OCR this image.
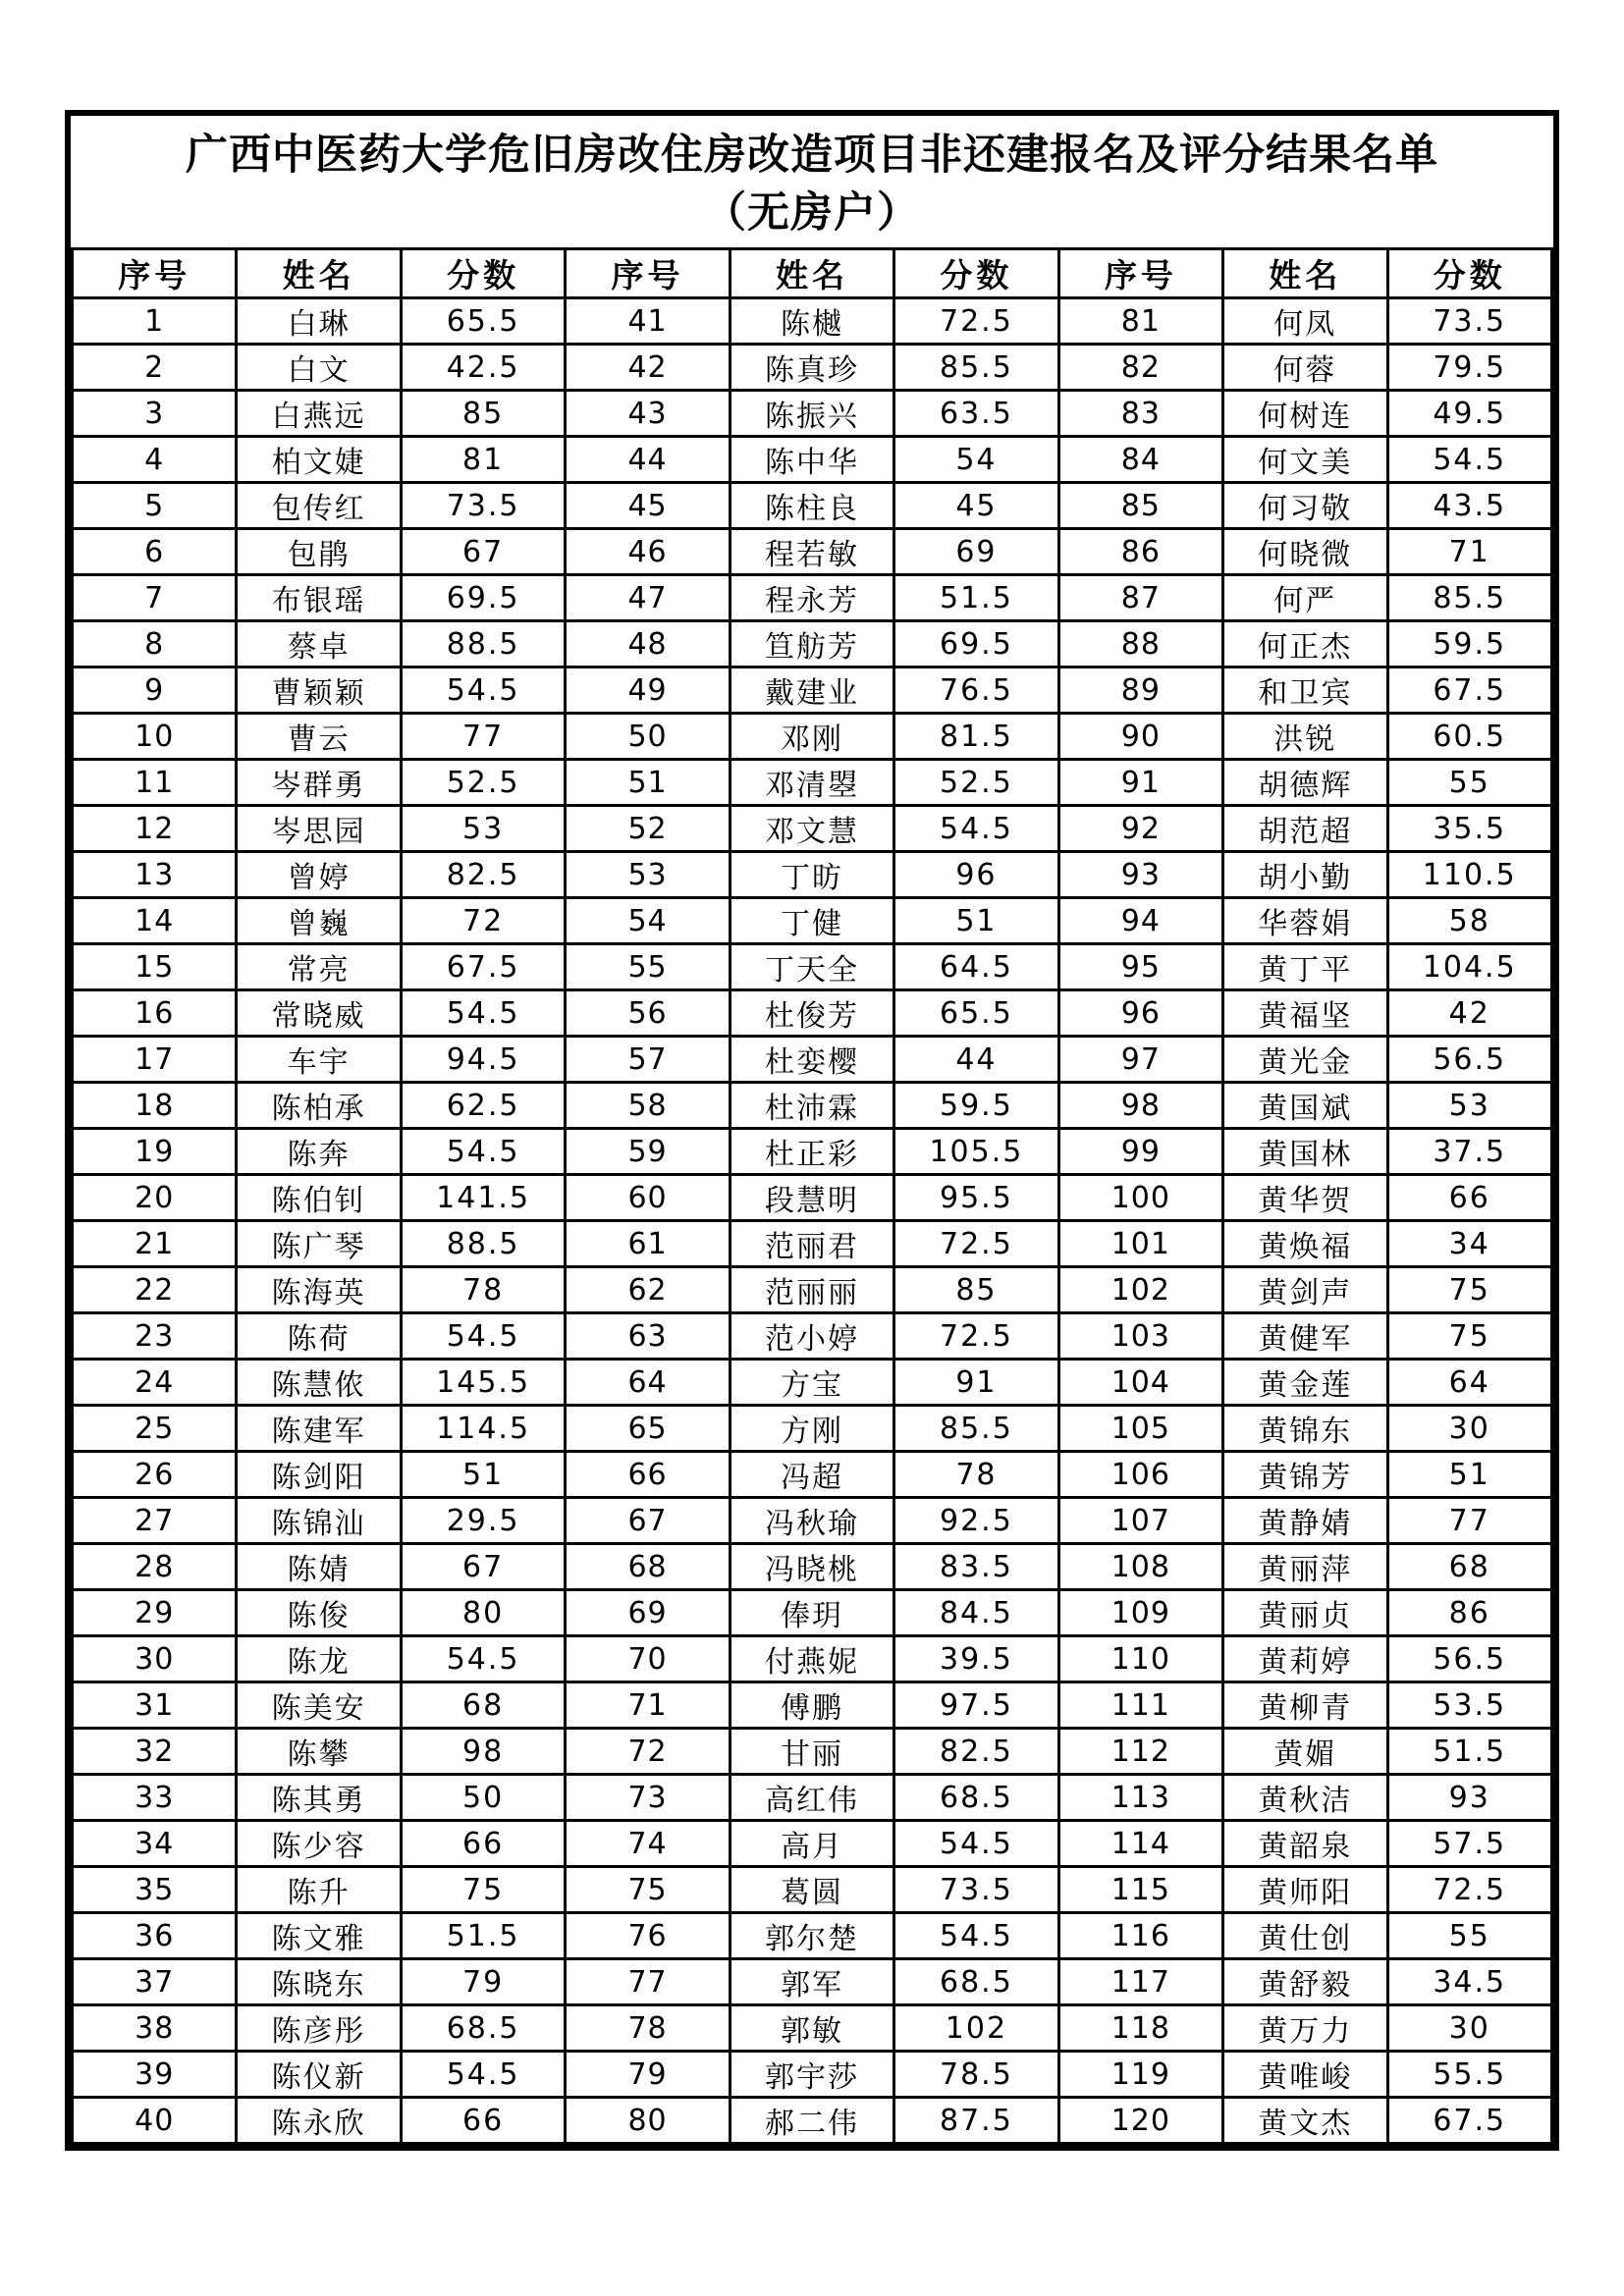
广西中医药大学危旧房改住房改造项目非还建报名及评分结果名单
（无房户）
序号	姓名	分数	序号	姓名	分数	序号	姓名	分数
1	白琳	65.5	41	陈樾	72.5	81	何凤	73.5
2	白文	42.5	42	陈真珍	85.5	82	何蓉	79.5
3	白燕远	85	43	陈振兴	63.5	83	何树连	49.5
4	柏文婕	81	44	陈中华	54	84	何文美	54.5
5	包传红	73.5	45	陈柱良	45	85	何习敬	43.5
6	包鹃	67	46	程若敏	69	86	何晓微	71
7	布银瑶	69.5	47	程永芳	51.5	87	何严	85.5
8	蔡卓	88.5	48	笪舫芳	69.5	88	何正杰	59.5
9	曹颖颖	54.5	49	戴建业	76.5	89	和卫宾	67.5
10	曹云	77	50	邓刚	81.5	90	洪锐	60.5
11	岑群勇	52.5	51	邓清曌	52.5	91	胡德辉	55
12	岑思园	53	52	邓文慧	54.5	92	胡范超	35.5
13	曾婷	82.5	53	丁昉	96	93	胡小勤	110.5
14	曾巍	72	54	丁健	51	94	华蓉娟	58
15	常亮	67.5	55	丁天全	64.5	95	黄丁平	104.5
16	常晓威	54.5	56	杜俊芳	65.5	96	黄福坚	42
17	车宇	94.5	57	杜娈樱	44	97	黄光金	56.5
18	陈柏承	62.5	58	杜沛霖	59.5	98	黄国斌	53
19	陈奔	54.5	59	杜正彩	105.5	99	黄国林	37.5
20	陈伯钊	141.5	60	段慧明	95.5	100	黄华贺	66
21	陈广琴	88.5	61	范丽君	72.5	101	黄焕福	34
22	陈海英	78	62	范丽丽	85	102	黄剑声	75
23	陈荷	54.5	63	范小婷	72.5	103	黄健军	75
24	陈慧侬	145.5	64	方宝	91	104	黄金莲	64
25	陈建军	114.5	65	方刚	85.5	105	黄锦东	30
26	陈剑阳	51	66	冯超	78	106	黄锦芳	51
27	陈锦汕	29.5	67	冯秋瑜	92.5	107	黄静婧	77
28	陈婧	67	68	冯晓桃	83.5	108	黄丽萍	68
29	陈俊	80	69	俸玥	84.5	109	黄丽贞	86
30	陈龙	54.5	70	付燕妮	39.5	110	黄莉婷	56.5
31	陈美安	68	71	傅鹏	97.5	111	黄柳青	53.5
32	陈攀	98	72	甘丽	82.5	112	黄媚	51.5
33	陈其勇	50	73	高红伟	68.5	113	黄秋洁	93
34	陈少容	66	74	高月	54.5	114	黄韶泉	57.5
35	陈升	75	75	葛圆	73.5	115	黄师阳	72.5
36	陈文雅	51.5	76	郭尔楚	54.5	116	黄仕创	55
37	陈晓东	79	77	郭军	68.5	117	黄舒毅	34.5
38	陈彦彤	68.5	78	郭敏	102	118	黄万力	30
39	陈仪新	54.5	79	郭宇莎	78.5	119	黄唯峻	55.5
40	陈永欣	66	80	郝二伟	87.5	120	黄文杰	67.5
